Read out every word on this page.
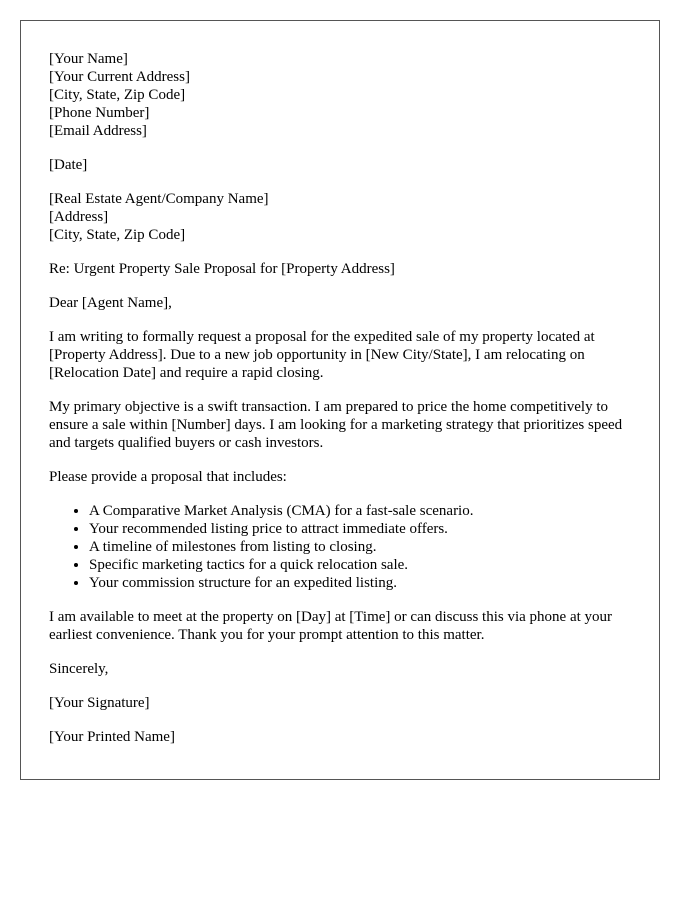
[Your Name]
[Your Current Address]
[City, State, Zip Code]
[Phone Number]
[Email Address]
[Date]
[Real Estate Agent/Company Name]
[Address]
[City, State, Zip Code]

Re: Urgent Property Sale Proposal for [Property Address]

Dear [Agent Name],

I am writing to formally request a proposal for the expedited sale of my property located at [Property Address]. Due to a new job opportunity in [New City/State], I am relocating on [Relocation Date] and require a rapid closing.

My primary objective is a swift transaction. I am prepared to price the home competitively to ensure a sale within [Number] days. I am looking for a marketing strategy that prioritizes speed and targets qualified buyers or cash investors.

Please provide a proposal that includes:

• A Comparative Market Analysis (CMA) for a fast-sale scenario.
• Your recommended listing price to attract immediate offers.
• A timeline of milestones from listing to closing.
• Specific marketing tactics for a quick relocation sale.
• Your commission structure for an expedited listing.

I am available to meet at the property on [Day] at [Time] or can discuss this via phone at your earliest convenience. Thank you for your prompt attention to this matter.

Sincerely,

[Your Signature]

[Your Printed Name]
